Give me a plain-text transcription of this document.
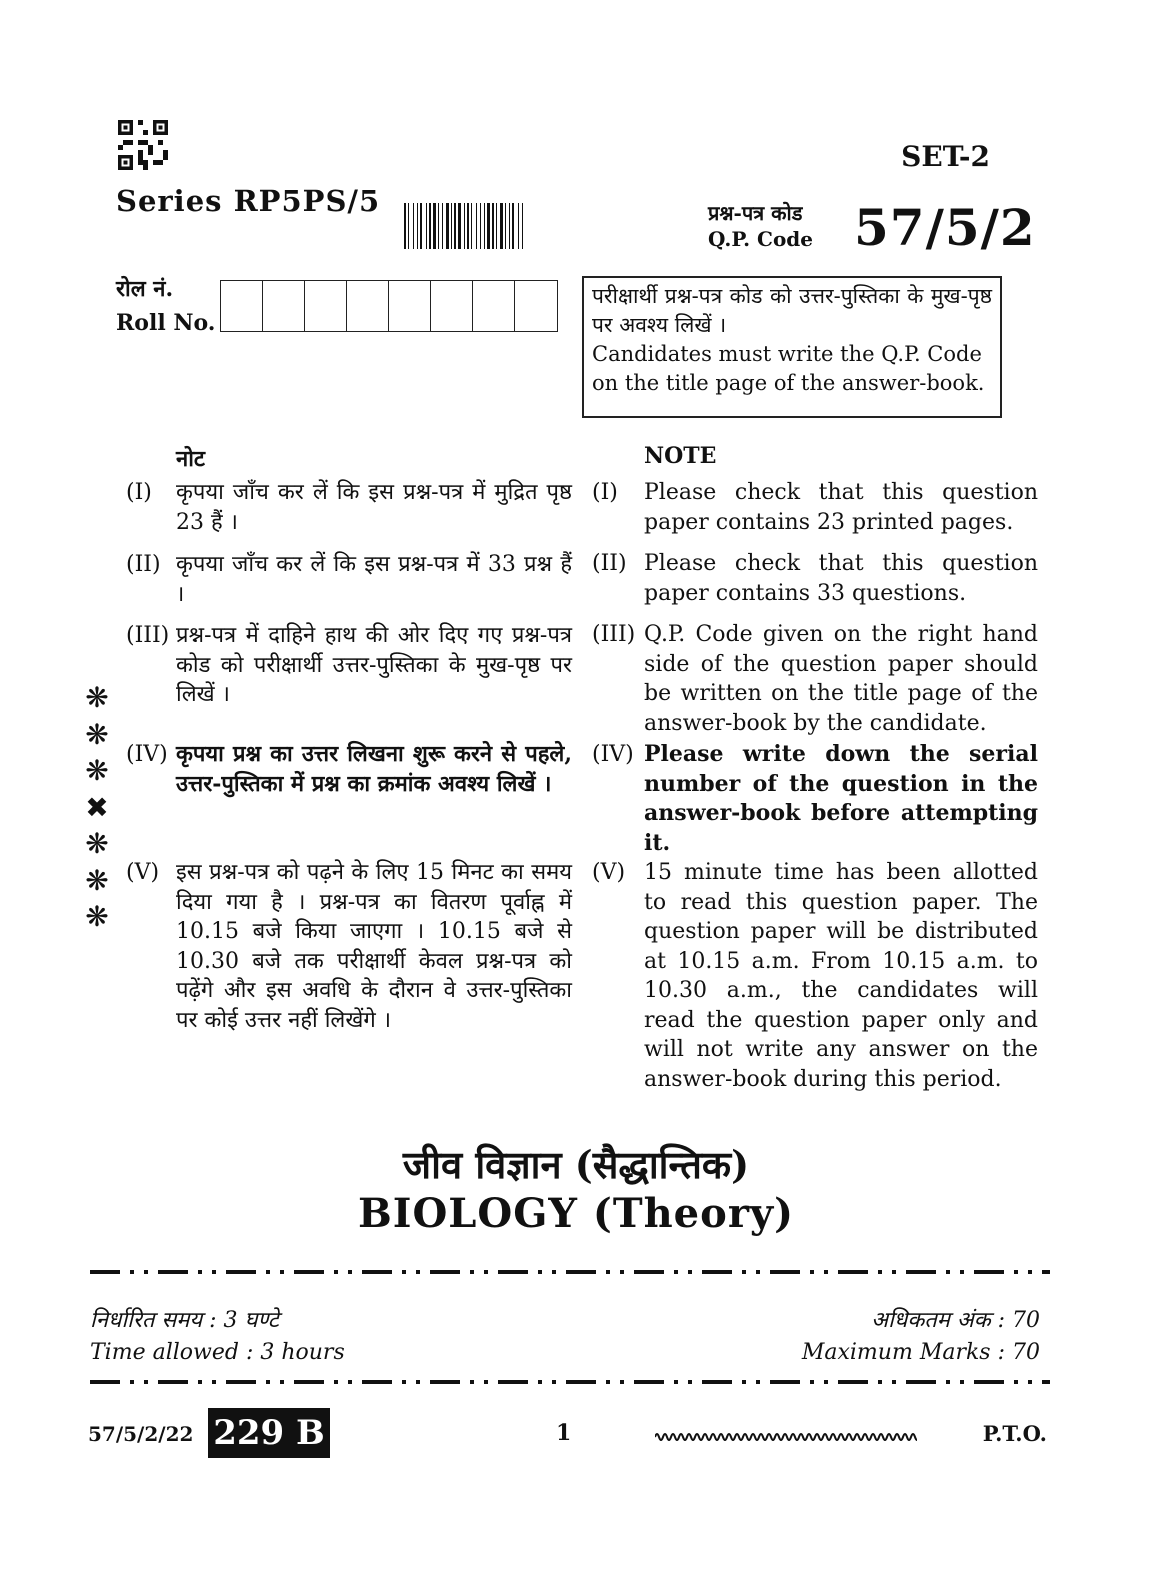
SET-2
Series RP5PS/5	प्रश्न-पत्र कोड
Q.P. Code 57/5/2
रोल नं.
Roll No.
परीक्षार्थी प्रश्न-पत्र कोड को उत्तर-पुस्तिका के मुख-पृष्ठ पर अवश्य लिखें ।
Candidates must write the Q.P. Code on the title page of the answer-book.
नोट
(I) कृपया जाँच कर लें कि इस प्रश्न-पत्र में मुद्रित पृष्ठ 23 हैं ।
(II) कृपया जाँच कर लें कि इस प्रश्न-पत्र में 33 प्रश्न हैं ।
(III) प्रश्न-पत्र में दाहिने हाथ की ओर दिए गए प्रश्न-पत्र कोड को परीक्षार्थी उत्तर-पुस्तिका के मुख-पृष्ठ पर लिखें ।
(IV) कृपया प्रश्न का उत्तर लिखना शुरू करने से पहले, उत्तर-पुस्तिका में प्रश्न का क्रमांक अवश्य लिखें ।
(V) इस प्रश्न-पत्र को पढ़ने के लिए 15 मिनट का समय दिया गया है । प्रश्न-पत्र का वितरण पूर्वाह्न में 10.15 बजे किया जाएगा । 10.15 बजे से 10.30 बजे तक परीक्षार्थी केवल प्रश्न-पत्र को पढ़ेंगे और इस अवधि के दौरान वे उत्तर-पुस्तिका पर कोई उत्तर नहीं लिखेंगे ।
NOTE
(I) Please check that this question paper contains 23 printed pages.
(II) Please check that this question paper contains 33 questions.
(III) Q.P. Code given on the right hand side of the question paper should be written on the title page of the answer-book by the candidate.
(IV) Please write down the serial number of the question in the answer-book before attempting it.
(V) 15 minute time has been allotted to read this question paper. The question paper will be distributed at 10.15 a.m. From 10.15 a.m. to 10.30 a.m., the candidates will read the question paper only and will not write any answer on the answer-book during this period.
❋ ❋ ❋ ✖ ❋ ❋ ❋
जीव विज्ञान (सैद्धान्तिक)
BIOLOGY (Theory)
निर्धारित समय : 3 घण्टे
Time allowed : 3 hours
अधिकतम अंक : 70
Maximum Marks : 70
57/5/2/22 229 B	1	P.T.O.
